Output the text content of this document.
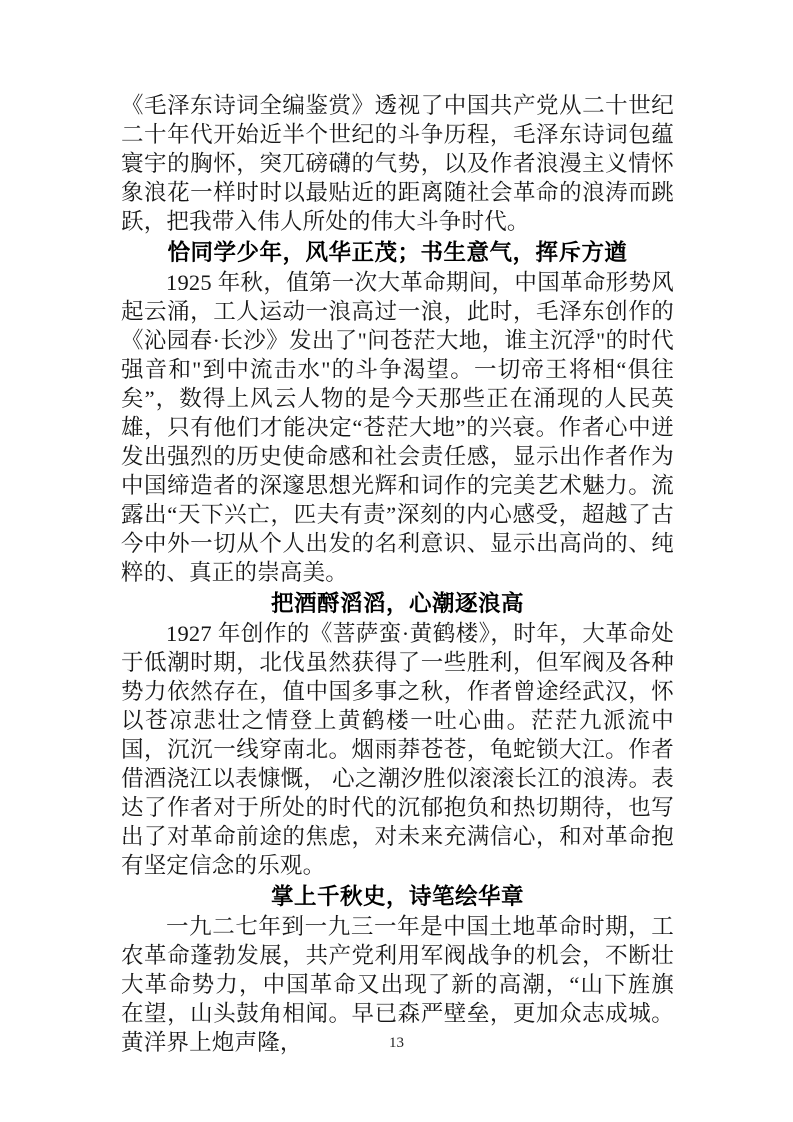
《毛泽东诗词全编鉴赏》透视了中国共产党从二十世纪二十年代开始近半个世纪的斗争历程，毛泽东诗词包蕴寰宇的胸怀，突兀磅礴的气势，以及作者浪漫主义情怀象浪花一样时时以最贴近的距离随社会革命的浪涛而跳跃，把我带入伟人所处的伟大斗争时代。

恰同学少年，风华正茂；书生意气，挥斥方遒

1925 年秋，值第一次大革命期间，中国革命形势风起云涌，工人运动一浪高过一浪，此时，毛泽东创作的《沁园春·长沙》发出了"问苍茫大地，谁主沉浮"的时代强音和"到中流击水"的斗争渴望。一切帝王将相“俱往矣”，数得上风云人物的是今天那些正在涌现的人民英雄，只有他们才能决定“苍茫大地”的兴衰。作者心中迸发出强烈的历史使命感和社会责任感，显示出作者作为中国缔造者的深邃思想光辉和词作的完美艺术魅力。流露出“天下兴亡，匹夫有责”深刻的内心感受，超越了古今中外一切从个人出发的名利意识、显示出高尚的、纯粹的、真正的崇高美。

把酒酹滔滔，心潮逐浪高

1927 年创作的《菩萨蛮·黄鹤楼》，时年，大革命处于低潮时期，北伐虽然获得了一些胜利，但军阀及各种势力依然存在，值中国多事之秋，作者曾途经武汉，怀以苍凉悲壮之情登上黄鹤楼一吐心曲。茫茫九派流中国，沉沉一线穿南北。烟雨莽苍苍，龟蛇锁大江。作者借酒浇江以表慷慨， 心之潮汐胜似滚滚长江的浪涛。表达了作者对于所处的时代的沉郁抱负和热切期待，也写出了对革命前途的焦虑，对未来充满信心，和对革命抱有坚定信念的乐观。

掌上千秋史，诗笔绘华章

一九二七年到一九三一年是中国土地革命时期，工农革命蓬勃发展，共产党利用军阀战争的机会，不断壮大革命势力，中国革命又出现了新的高潮，“山下旌旗在望，山头鼓角相闻。早已森严壁垒，更加众志成城。黄洋界上炮声隆，	13
